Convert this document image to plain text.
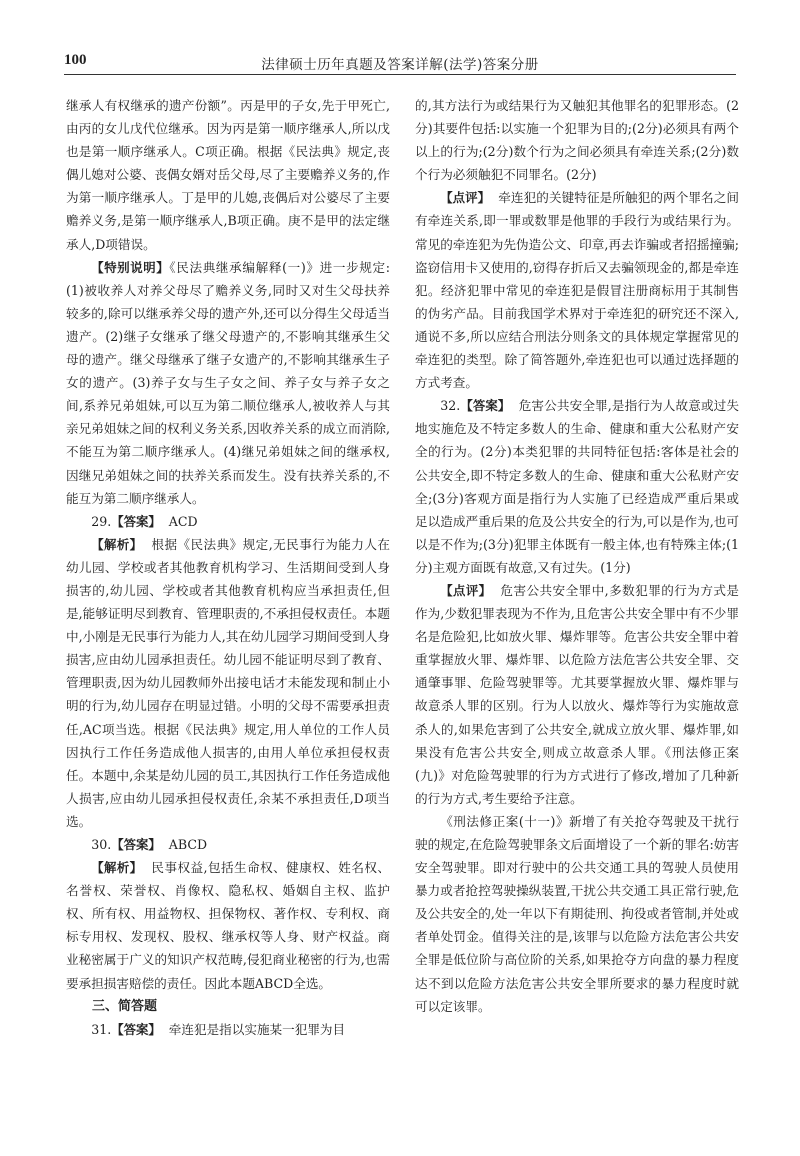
100	法律硕士历年真题及答案详解(法学)答案分册

继承人有权继承的遗产份额”。丙是甲的子女,先于甲死亡,由丙的女儿戊代位继承。因为丙是第一顺序继承人,所以戊也是第一顺序继承人。C项正确。根据《民法典》规定,丧偶儿媳对公婆、丧偶女婿对岳父母,尽了主要赡养义务的,作为第一顺序继承人。丁是甲的儿媳,丧偶后对公婆尽了主要赡养义务,是第一顺序继承人,B项正确。庚不是甲的法定继承人,D项错误。

【特别说明】《民法典继承编解释(一)》进一步规定:(1)被收养人对养父母尽了赡养义务,同时又对生父母扶养较多的,除可以继承养父母的遗产外,还可以分得生父母适当遗产。(2)继子女继承了继父母遗产的,不影响其继承生父母的遗产。继父母继承了继子女遗产的,不影响其继承生子女的遗产。(3)养子女与生子女之间、养子女与养子女之间,系养兄弟姐妹,可以互为第二顺位继承人,被收养人与其亲兄弟姐妹之间的权利义务关系,因收养关系的成立而消除,不能互为第二顺序继承人。(4)继兄弟姐妹之间的继承权,因继兄弟姐妹之间的扶养关系而发生。没有扶养关系的,不能互为第二顺序继承人。

29.【答案】 ACD

【解析】 根据《民法典》规定,无民事行为能力人在幼儿园、学校或者其他教育机构学习、生活期间受到人身损害的,幼儿园、学校或者其他教育机构应当承担责任,但是,能够证明尽到教育、管理职责的,不承担侵权责任。本题中,小刚是无民事行为能力人,其在幼儿园学习期间受到人身损害,应由幼儿园承担责任。幼儿园不能证明尽到了教育、管理职责,因为幼儿园教师外出接电话才未能发现和制止小明的行为,幼儿园存在明显过错。小明的父母不需要承担责任,AC项当选。根据《民法典》规定,用人单位的工作人员因执行工作任务造成他人损害的,由用人单位承担侵权责任。本题中,余某是幼儿园的员工,其因执行工作任务造成他人损害,应由幼儿园承担侵权责任,余某不承担责任,D项当选。

30.【答案】 ABCD

【解析】 民事权益,包括生命权、健康权、姓名权、名誉权、荣誉权、肖像权、隐私权、婚姻自主权、监护权、所有权、用益物权、担保物权、著作权、专利权、商标专用权、发现权、股权、继承权等人身、财产权益。商业秘密属于广义的知识产权范畴,侵犯商业秘密的行为,也需要承担损害赔偿的责任。因此本题ABCD全选。

三、简答题

31.【答案】 牵连犯是指以实施某一犯罪为目

的,其方法行为或结果行为又触犯其他罪名的犯罪形态。(2分)其要件包括:以实施一个犯罪为目的;(2分)必须具有两个以上的行为;(2分)数个行为之间必须具有牵连关系;(2分)数个行为必须触犯不同罪名。(2分)

【点评】 牵连犯的关键特征是所触犯的两个罪名之间有牵连关系,即一罪或数罪是他罪的手段行为或结果行为。常见的牵连犯为先伪造公文、印章,再去诈骗或者招摇撞骗;盗窃信用卡又使用的,窃得存折后又去骗领现金的,都是牵连犯。经济犯罪中常见的牵连犯是假冒注册商标用于其制售的伪劣产品。目前我国学术界对于牵连犯的研究还不深入,通说不多,所以应结合刑法分则条文的具体规定掌握常见的牵连犯的类型。除了简答题外,牵连犯也可以通过选择题的方式考查。

32.【答案】 危害公共安全罪,是指行为人故意或过失地实施危及不特定多数人的生命、健康和重大公私财产安全的行为。(2分)本类犯罪的共同特征包括:客体是社会的公共安全,即不特定多数人的生命、健康和重大公私财产安全;(3分)客观方面是指行为人实施了已经造成严重后果或足以造成严重后果的危及公共安全的行为,可以是作为,也可以是不作为;(3分)犯罪主体既有一般主体,也有特殊主体;(1分)主观方面既有故意,又有过失。(1分)

【点评】 危害公共安全罪中,多数犯罪的行为方式是作为,少数犯罪表现为不作为,且危害公共安全罪中有不少罪名是危险犯,比如放火罪、爆炸罪等。危害公共安全罪中着重掌握放火罪、爆炸罪、以危险方法危害公共安全罪、交通肇事罪、危险驾驶罪等。尤其要掌握放火罪、爆炸罪与故意杀人罪的区别。行为人以放火、爆炸等行为实施故意杀人的,如果危害到了公共安全,就成立放火罪、爆炸罪,如果没有危害公共安全,则成立故意杀人罪。《刑法修正案(九)》对危险驾驶罪的行为方式进行了修改,增加了几种新的行为方式,考生要给予注意。

《刑法修正案(十一)》新增了有关抢夺驾驶及干扰行驶的规定,在危险驾驶罪条文后面增设了一个新的罪名:妨害安全驾驶罪。即对行驶中的公共交通工具的驾驶人员使用暴力或者抢控驾驶操纵装置,干扰公共交通工具正常行驶,危及公共安全的,处一年以下有期徒刑、拘役或者管制,并处或者单处罚金。值得关注的是,该罪与以危险方法危害公共安全罪是低位阶与高位阶的关系,如果抢夺方向盘的暴力程度达不到以危险方法危害公共安全罪所要求的暴力程度时就可以定该罪。
